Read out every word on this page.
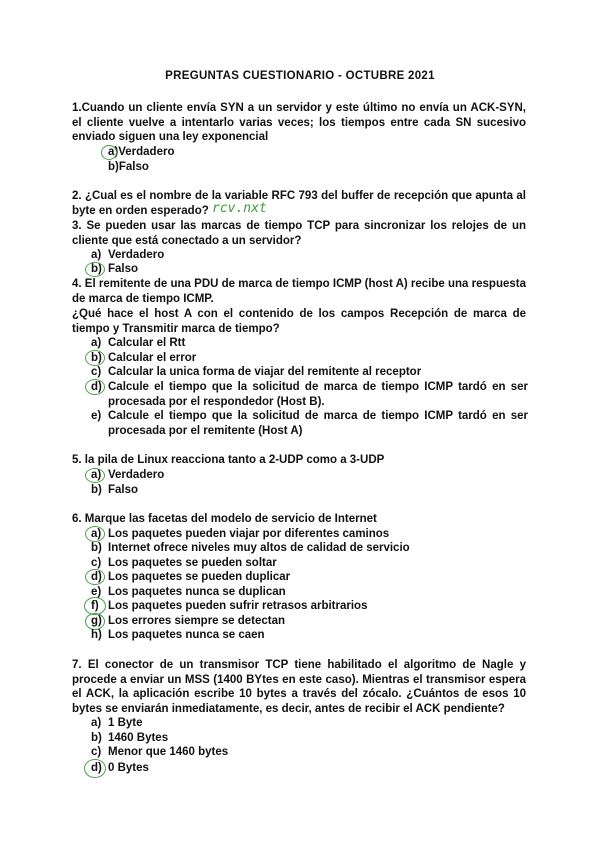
PREGUNTAS CUESTIONARIO - OCTUBRE 2021
1.Cuando un cliente envía SYN a un servidor y este último no envía un ACK-SYN, el cliente vuelve a intentarlo varias veces; los tiempos entre cada SN sucesivo enviado siguen una ley exponencial
a)Verdadero
b)Falso
2. ¿Cual es el nombre de la variable RFC 793 del buffer de recepción que apunta al byte en orden esperado? rcv.nxt
3. Se pueden usar las marcas de tiempo TCP para sincronizar los relojes de un cliente que está conectado a un servidor?
a) Verdadero
b) Falso
4. El remitente de una PDU de marca de tiempo ICMP (host A) recibe una respuesta de marca de tiempo ICMP.
¿Qué hace el host A con el contenido de los campos Recepción de marca de tiempo y Transmitir marca de tiempo?
a) Calcular el Rtt
b) Calcular el error
c) Calcular la unica forma de viajar del remitente al receptor
d) Calcule el tiempo que la solicitud de marca de tiempo ICMP tardó en ser procesada por el respondedor (Host B).
e) Calcule el tiempo que la solicitud de marca de tiempo ICMP tardó en ser procesada por el remitente (Host A)
5. la pila de Linux reacciona tanto a 2-UDP como a 3-UDP
a) Verdadero
b) Falso
6. Marque las facetas del modelo de servicio de Internet
a) Los paquetes pueden viajar por diferentes caminos
b) Internet ofrece niveles muy altos de calidad de servicio
c) Los paquetes se pueden soltar
d) Los paquetes se pueden duplicar
e) Los paquetes nunca se duplican
f) Los paquetes pueden sufrir retrasos arbitrarios
g) Los errores siempre se detectan
h) Los paquetes nunca se caen
7. El conector de un transmisor TCP tiene habilitado el algoritmo de Nagle y procede a enviar un MSS (1400 BYtes en este caso). Mientras el transmisor espera el ACK, la aplicación escribe 10 bytes a través del zócalo. ¿Cuántos de esos 10 bytes se enviarán inmediatamente, es decir, antes de recibir el ACK pendiente?
a) 1 Byte
b) 1460 Bytes
c) Menor que 1460 bytes
d) 0 Bytes
